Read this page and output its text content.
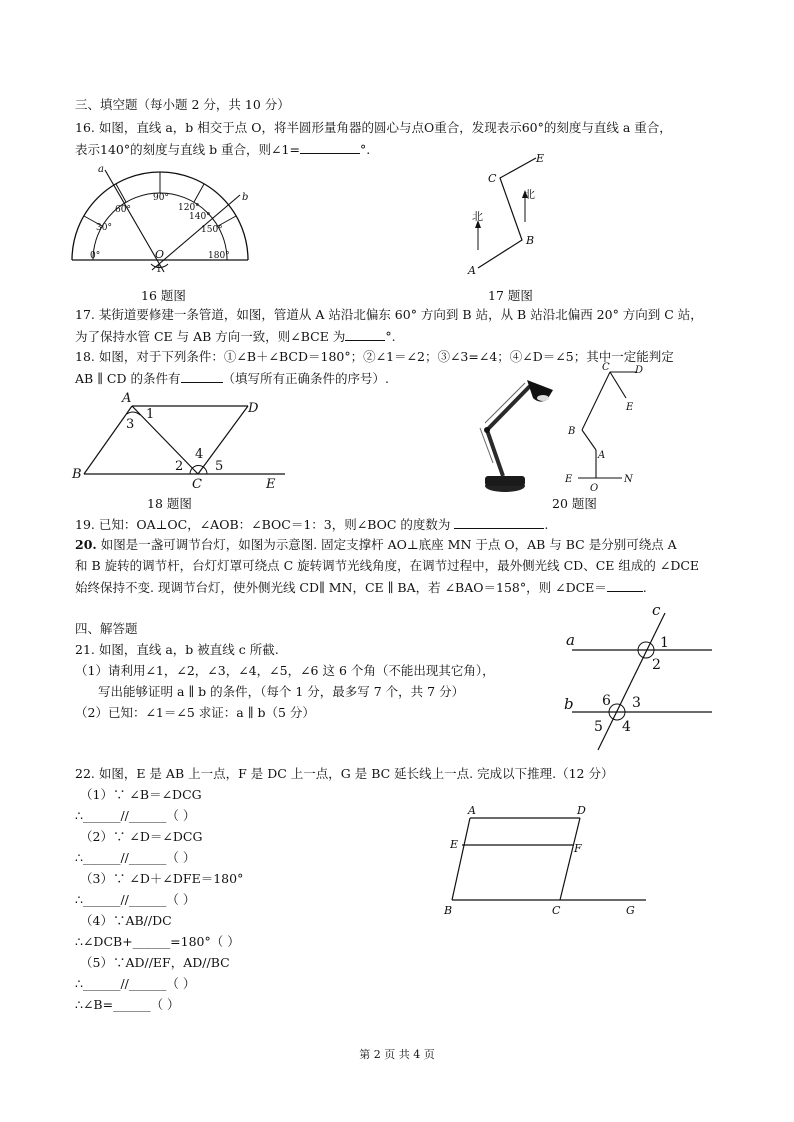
三、填空题（每小题 2 分，共 10 分）
16. 如图，直线 a，b 相交于点 O，将半圆形量角器的圆心与点O重合，发现表示60°的刻度与直线 a 重合，
表示140°的刻度与直线 b 重合，则∠1=	°.
a
b
O
1
0°
30°
60°
90°
120°
140°
150°
180°
16 题图
A
B
C
E
北
北
17 题图
17. 某街道要修建一条管道，如图，管道从 A 站沿北偏东 60° 方向到 B 站，从 B 站沿北偏西 20° 方向到 C 站，
为了保持水管 CE 与 AB 方向一致，则∠BCE 为	°.
18. 如图，对于下列条件：①∠B＋∠BCD＝180°；②∠1＝∠2；③∠3=∠4；④∠D＝∠5；其中一定能判定
AB ∥ CD 的条件有	（填写所有正确条件的序号）.
A
B
C
D
E
1
2
3
4
5
18 题图
C	D
E
B
A
E	N
O
20 题图
19. 已知：OA⊥OC，∠AOB：∠BOC＝1：3，则∠BOC 的度数为	.
20. 如图是一盏可调节台灯，如图为示意图. 固定支撑杆 AO⊥底座 MN 于点 O，AB 与 BC 是分别可绕点 A
和 B 旋转的调节杆，台灯灯罩可绕点 C 旋转调节光线角度，在调节过程中，最外侧光线 CD、CE 组成的 ∠DCE
始终保持不变. 现调节台灯，使外侧光线 CD∥ MN，CE ∥ BA，若 ∠BAO＝158°，则 ∠DCE＝	.
四、解答题
21. 如图，直线 a，b 被直线 c 所截.
（1）请利用∠1，∠2，∠3，∠4，∠5，∠6 这 6 个角（不能出现其它角），
写出能够证明 a ∥ b 的条件，（每个 1 分，最多写 7 个，共 7 分）
（2）已知：∠1＝∠5 求证：a ∥ b（5 分）
c
a
b
1
2
3
4
5
6
22. 如图，E 是 AB 上一点，F 是 DC 上一点，G 是 BC 延长线上一点. 完成以下推理.（12 分）
（1）∵ ∠B＝∠DCG
∴______//______（ ）
（2）∵ ∠D＝∠DCG
∴______//______（ ）
（3）∵ ∠D＋∠DFE＝180°
∴______//______（ ）
（4）∵AB//DC
∴∠DCB+______=180°（ ）
（5）∵AD//EF，AD//BC
∴______//______（ ）
∴∠B=______（ ）
A
B	C
D
E	F
G
第 2 页 共 4 页
